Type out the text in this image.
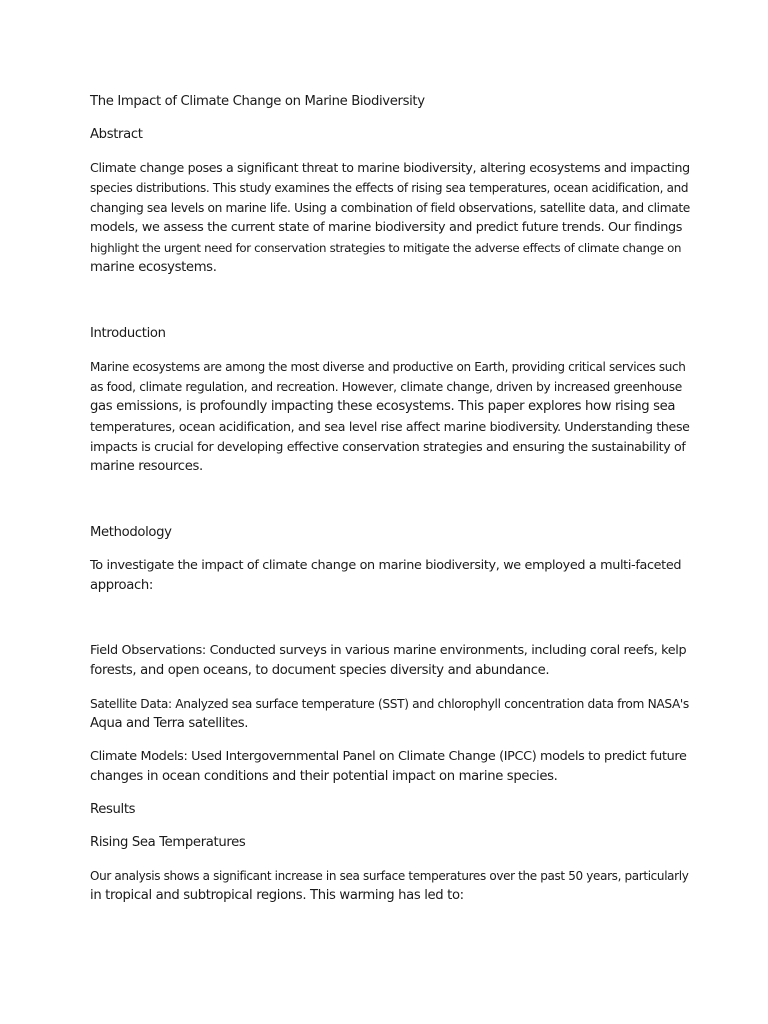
The Impact of Climate Change on Marine Biodiversity
Abstract
Climate change poses a significant threat to marine biodiversity, altering ecosystems and impacting
species distributions. This study examines the effects of rising sea temperatures, ocean acidification, and
changing sea levels on marine life. Using a combination of field observations, satellite data, and climate
models, we assess the current state of marine biodiversity and predict future trends. Our findings
highlight the urgent need for conservation strategies to mitigate the adverse effects of climate change on
marine ecosystems.
Introduction
Marine ecosystems are among the most diverse and productive on Earth, providing critical services such
as food, climate regulation, and recreation. However, climate change, driven by increased greenhouse
gas emissions, is profoundly impacting these ecosystems. This paper explores how rising sea
temperatures, ocean acidification, and sea level rise affect marine biodiversity. Understanding these
impacts is crucial for developing effective conservation strategies and ensuring the sustainability of
marine resources.
Methodology
To investigate the impact of climate change on marine biodiversity, we employed a multi-faceted
approach:
Field Observations: Conducted surveys in various marine environments, including coral reefs, kelp
forests, and open oceans, to document species diversity and abundance.
Satellite Data: Analyzed sea surface temperature (SST) and chlorophyll concentration data from NASA's
Aqua and Terra satellites.
Climate Models: Used Intergovernmental Panel on Climate Change (IPCC) models to predict future
changes in ocean conditions and their potential impact on marine species.
Results
Rising Sea Temperatures
Our analysis shows a significant increase in sea surface temperatures over the past 50 years, particularly
in tropical and subtropical regions. This warming has led to:
